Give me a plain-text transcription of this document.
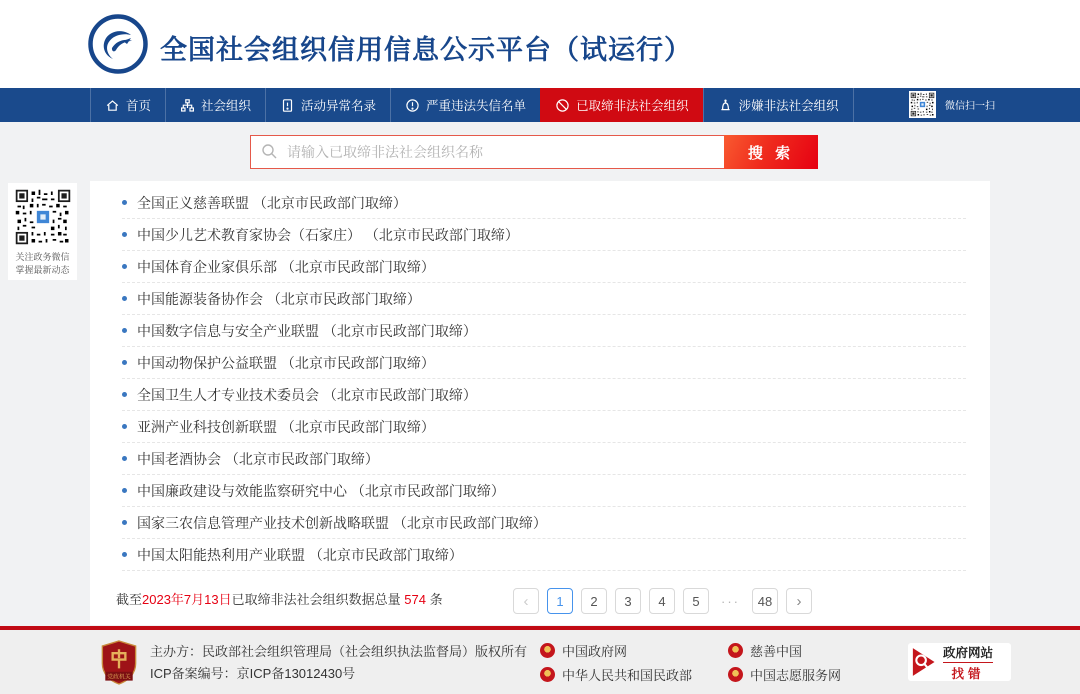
全国社会组织信用信息公示平台（试运行）
首页	社会组织	活动异常名录	严重违法失信名单	已取缔非法社会组织	涉嫌非法社会组织	微信扫一扫
请输入已取缔非法社会组织名称
搜 索
关注政务微信
掌握最新动态
全国正义慈善联盟 （北京市民政部门取缔）
中国少儿艺术教育家协会（石家庄） （北京市民政部门取缔）
中国体育企业家俱乐部 （北京市民政部门取缔）
中国能源装备协作会 （北京市民政部门取缔）
中国数字信息与安全产业联盟 （北京市民政部门取缔）
中国动物保护公益联盟 （北京市民政部门取缔）
全国卫生人才专业技术委员会 （北京市民政部门取缔）
亚洲产业科技创新联盟 （北京市民政部门取缔）
中国老酒协会 （北京市民政部门取缔）
中国廉政建设与效能监察研究中心 （北京市民政部门取缔）
国家三农信息管理产业技术创新战略联盟 （北京市民政部门取缔）
中国太阳能热利用产业联盟 （北京市民政部门取缔）
截至2023年7月13日已取缔非法社会组织数据总量 574 条	‹ 1 2 3 4 5 ··· 48 ›
党政机关
主办方：民政部社会组织管理局（社会组织执法监督局）版权所有
ICP备案编号：京ICP备13012430号
中国政府网
中华人民共和国民政部
慈善中国
中国志愿服务网
政府网站
找错
